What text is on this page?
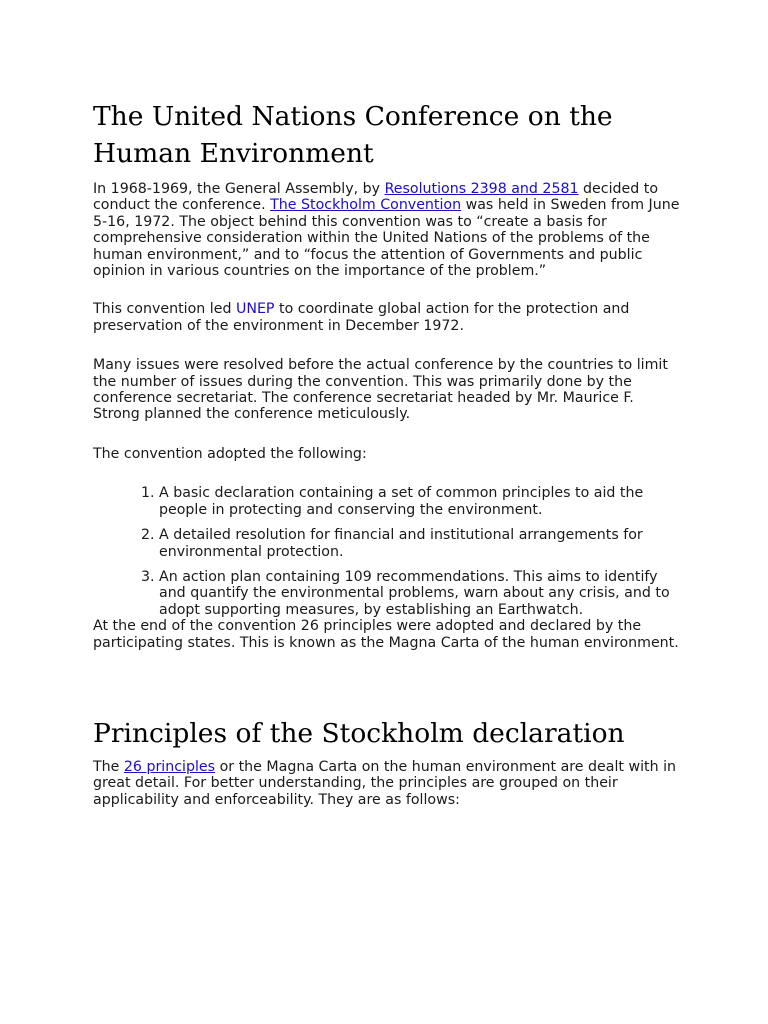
The United Nations Conference on the Human Environment

In 1968-1969, the General Assembly, by Resolutions 2398 and 2581 decided to conduct the conference. The Stockholm Convention was held in Sweden from June 5-16, 1972. The object behind this convention was to “create a basis for comprehensive consideration within the United Nations of the problems of the human environment,” and to “focus the attention of Governments and public opinion in various countries on the importance of the problem.”

This convention led UNEP to coordinate global action for the protection and preservation of the environment in December 1972.

Many issues were resolved before the actual conference by the countries to limit the number of issues during the convention. This was primarily done by the conference secretariat. The conference secretariat headed by Mr. Maurice F. Strong planned the conference meticulously.

The convention adopted the following:

1. A basic declaration containing a set of common principles to aid the people in protecting and conserving the environment.
2. A detailed resolution for financial and institutional arrangements for environmental protection.
3. An action plan containing 109 recommendations. This aims to identify and quantify the environmental problems, warn about any crisis, and to adopt supporting measures, by establishing an Earthwatch.

At the end of the convention 26 principles were adopted and declared by the participating states. This is known as the Magna Carta of the human environment.

Principles of the Stockholm declaration

The 26 principles or the Magna Carta on the human environment are dealt with in great detail. For better understanding, the principles are grouped on their applicability and enforceability. They are as follows:
